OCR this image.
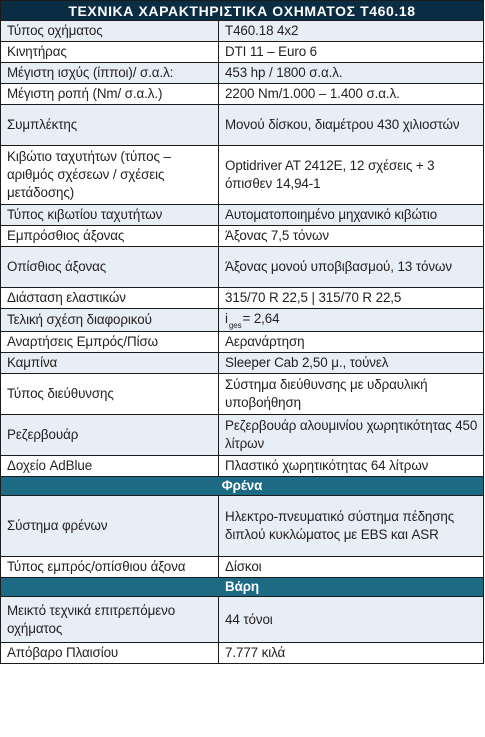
ΤΕΧΝΙΚΑ ΧΑΡΑΚΤΗΡΙΣΤΙΚΑ ΟΧΗΜΑΤΟΣ Τ460.18	
Τύπος οχήματος	T460.18 4x2
Κινητήρας	DTI 11 – Euro 6
Μέγιστη ισχύς (ίπποι)/ σ.α.λ:	453 hp / 1800 σ.α.λ.
Μέγιστη ροπή (Nm/ σ.α.λ.)	2200 Nm/1.000 – 1.400 σ.α.λ.
Συμπλέκτης	Μονού δίσκου, διαμέτρου 430 χιλιοστών
Κιβώτιο ταχυτήτων (τύπος – αριθμός σχέσεων / σχέσεις μετάδοσης)	Optidriver AT 2412E, 12 σχέσεις + 3 όπισθεν 14,94-1
Τύπος κιβωτίου ταχυτήτων	Αυτοματοποιημένο μηχανικό κιβώτιο
Εμπρόσθιος άξονας	Άξονας 7,5 τόνων
Οπίσθιος άξονας	Άξονας μονού υποβιβασμού, 13 τόνων
Διάσταση ελαστικών	315/70 R 22,5 | 315/70 R 22,5
Τελική σχέση διαφορικού	$i_{ges}= 2,64$
Αναρτήσεις Εμπρός/Πίσω	Αερανάρτηση
Καμπίνα	Sleeper Cab 2,50 μ., τούνελ
Τύπος διεύθυνσης	Σύστημα διεύθυνσης με υδραυλική υποβοήθηση
Ρεζερβουάρ	Ρεζερβουάρ αλουμινίου χωρητικότητας 450 λίτρων
Δοχείο AdBlue	Πλαστικό χωρητικότητας 64 λίτρων
Φρένα	
Σύστημα φρένων	Ηλεκτρο-πνευματικό σύστημα πέδησης διπλού κυκλώματος με EBS και ASR
Τύπος εμπρός/οπίσθιου άξονα	Δίσκοι
Βάρη	
Μεικτό τεχνικά επιτρεπόμενο οχήματος	44 τόνοι
Απόβαρο Πλαισίου	7.777 κιλά
